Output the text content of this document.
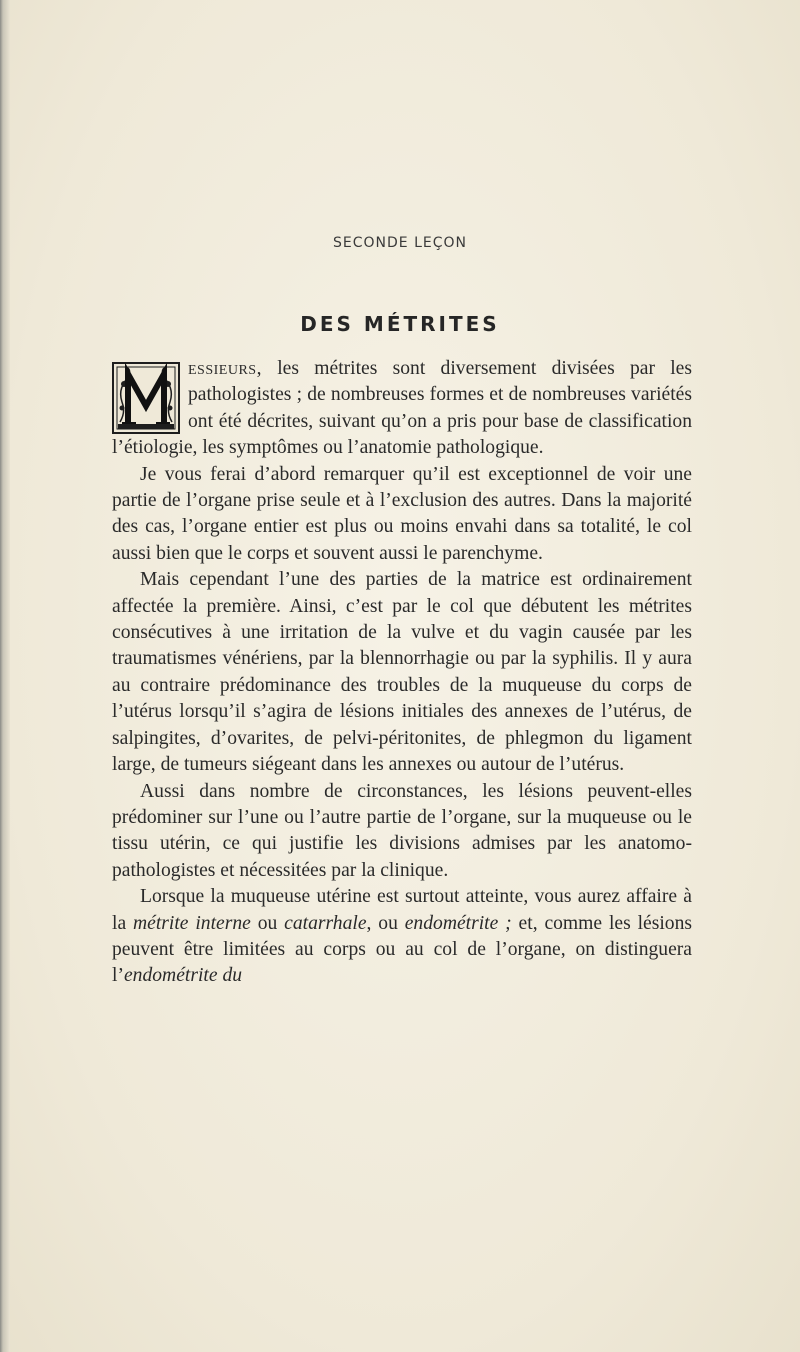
SECONDE LEÇON
DES MÉTRITES

essieurs, les métrites sont diversement divisées par les pathologistes ; de nombreuses formes et de nombreuses variétés ont été décrites, suivant qu’on a pris pour base de classification l’étiologie, les symptômes ou l’anatomie pathologique.

Je vous ferai d’abord remarquer qu’il est exceptionnel de voir une partie de l’organe prise seule et à l’exclusion des autres. Dans la majorité des cas, l’organe entier est plus ou moins envahi dans sa totalité, le col aussi bien que le corps et souvent aussi le parenchyme.

Mais cependant l’une des parties de la matrice est ordinairement affectée la première. Ainsi, c’est par le col que débutent les métrites consécutives à une irritation de la vulve et du vagin causée par les traumatismes vénériens, par la blennorrhagie ou par la syphilis. Il y aura au contraire prédominance des troubles de la muqueuse du corps de l’utérus lorsqu’il s’agira de lésions initiales des annexes de l’utérus, de salpingites, d’ovarites, de pelvi-péritonites, de phlegmon du ligament large, de tumeurs siégeant dans les annexes ou autour de l’utérus.

Aussi dans nombre de circonstances, les lésions peuvent-elles prédominer sur l’une ou l’autre partie de l’organe, sur la muqueuse ou le tissu utérin, ce qui justifie les divisions admises par les anatomo-pathologistes et nécessitées par la clinique.

Lorsque la muqueuse utérine est surtout atteinte, vous aurez affaire à la métrite interne ou catarrhale, ou endométrite ; et, comme les lésions peuvent être limitées au corps ou au col de l’organe, on distinguera l’endométrite du
